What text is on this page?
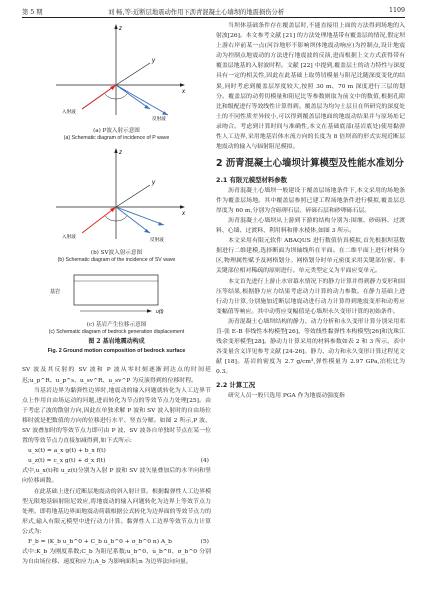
第 5 期	刘 畅,等:近断层地震动作用下沥青混凝土心墙坝的地震损伤分析	1109
z
y
x
入射波
反射波
(a) P波入射示意图
(a) Schematic diagram of incidence of P wave
z
y
x
入射波
反射波
(b) SV波入射示意图
(b) Schematic diagram of the incidence of SV wave
基岩
u(t)
(c) 基岩产生位移示意图
(c) Schematic diagram of bedrock generation displacement
图 2 基岩地震动构成
Fig. 2 Ground motion composition of bedrock surface

SV 波及其反射的 SV 波和 P 波从零时刻逐渐到达点的时间延迟;u_p^R、u_p^s、u_sv^R、u_sv^P 为反演得到的位移时程。

当基岩边界为黏弹性边界时,地震动的输入问题就转化为人工边界节点上作用自由场运动的问题,进而转化为节点的等效节点力处理[25]。由于考虑了波的散射方向,因此在单独求解 P 波和 SV 波入射时的自由场位移时就是把数值的方向的位移进行水平、竖直分解。如图 2 所示,P 波、SV 波叠加时的等效节点力即可由 P 波、SV 波各自单独时节点在某一位置的等效节点力直接加减得到,如下式所示:

u_x(t) = a_x g(t) + b_x f(t)

u_z(t) = c_x g(t) + d_x f(t)	(4)

式中,u_x(t)和 u_z(t)分别为入射 P 波和 SV 波矢量叠加后的水平向和竖向位移函数。

在此基础上进行近断层地震动的斜入射计算。根据黏弹性人工边界模型无限地基辐射阻尼效应,将地震动的输入问题转化为边界上等效节点力处理。即将地基边界面地震动荷载根据公式转化为边界面的等效节点力的形式,输入有限元模型中进行动力计算。黏弹性人工边界等效节点力计算公式为:

F_b = (K_b u_b^0 + C_b u̇_b^0 + σ_b^0 n) A_b	(5)

式中:K_b 为刚度系数;C_b 为阻尼系数;u_b^0、u̇_b^0、σ_b^0 分别为自由场位移、速度和应力;A_b 为影响面积;n 为边界法向向量。

当坝体基础条件存在覆盖层时,不能直接用上面的方法得到场地的入射波[26]。本文参考文献 [21] 的方法处理地基带有覆盖层的情况,假定坝上游右岸前某一点(河谷地形不影响坝体地震动响应)为控制点,设计地震动为控制点地震动的方法进行地震波的反演,进而根据上文方式获得带有覆盖层地基的入射波时程。文献 [22] 中提到,覆盖层土的动力特性与深度具有一定的相关性,因此在此基础上取剪切模量与阻尼比随深度变化的结果,同时考虑到覆盖层厚度较大,按照 30 m、70 m 深度进行三层的划分。覆盖层的动剪切模量和阻尼比等参数则取为前文中的数值,根据孔隙比和级配进行等效线性计算得到。覆盖层为均匀土层且在所研究的深度处土的不同性质差异较小,可以得到覆盖层地面的地震动结果并与原场址记录吻合。考虑到计算时间与准确性,本文在基础底部(基岩底处)使用黏弹性人工边界,采用地基岩体水流方向的长度为 8 倍坝高的形式实现近断层地震动的输入与辐射阻尼模拟。

2 沥青混凝土心墙坝计算模型及性能水准划分
2.1 有限元模型材料参数

沥青混凝土心墙坝一般建设于覆盖层场地条件下,本文采用的场地条件为覆盖层场地。其中覆盖层参照已建工程场地条件进行模拟,覆盖层总厚度为 60 m,分别为含砾卵石层、碎砾石层和砂卵砾石层。

沥青混凝土心墙坝从上游到下游的结构分别为:围堰、砂砾料、过渡料、心墙、过渡料、利用料和排水棱体,如图 3 所示。

本文采用有限元软件 ABAQUS 进行数值仿真模拟,首先根据坝基数据进行二维建模,选择断面为坝轴线所在平面。在二维平面上进行材料分区,物理属性赋予及网格划分。网格划分时单元密度采用关键部位密、非关键部位相对稀疏的原则进行。单元类型定义为平面应变单元。

本文首先进行上游止水帘幕水情况下的静力计算并得到静力变形和围压等结果,根据静力应力结果考虑动力计算的动力参数。在静力基础上进行动力计算,分别施加近断层地震动进行动力计算得到地震变形和动剪应变幅值等响应。其中动剪应变幅值是心墙坝永久变形计算的初始条件。

沥青混凝土心墙坝结构的静力、动力分析和永久变形计算分别采用邓肯-张 E-B 非线性本构模型[26]、等效线性黏弹性本构模型[26]和沈珠江残余变形模型[28]。静动力计算采用的材料参数如表 2 和 3 所示。表中各变量含义详见参考文献 [24-26]。静力、动力和永久变形计算过程见文献 [18]。基岩的密度为 2.7 g/cm³,弹性模量为 2.97 GPa,泊松比为 0.3。

2.2 计算工况

研究人员一般只选用 PGA 作为地震动强度指
